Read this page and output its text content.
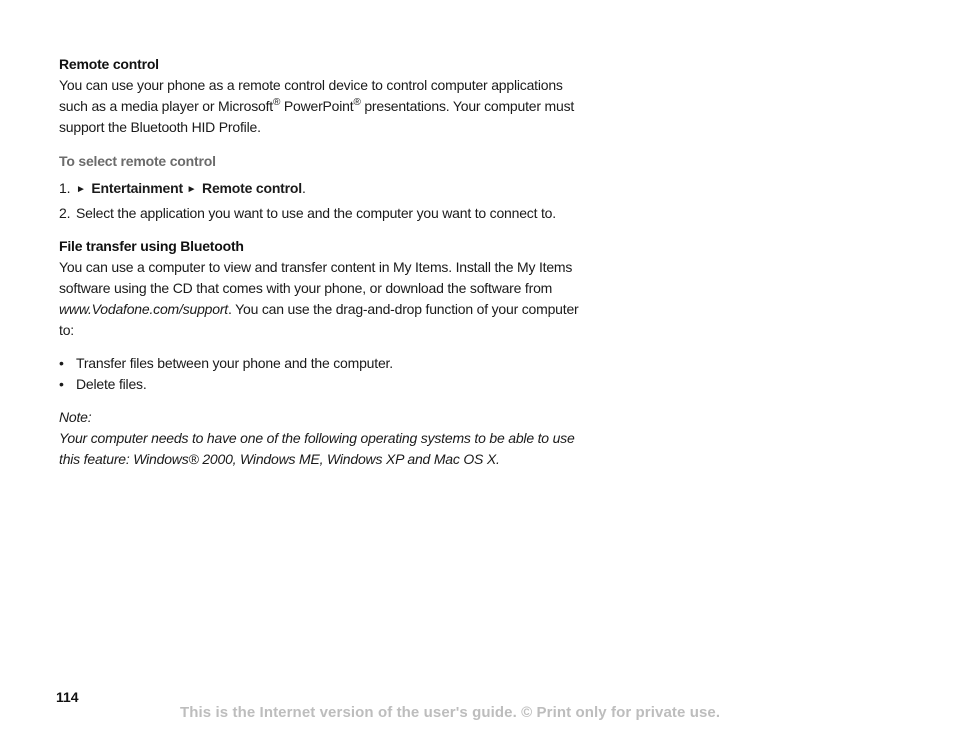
Remote control

You can use your phone as a remote control device to control computer applications such as a media player or Microsoft® PowerPoint® presentations. Your computer must support the Bluetooth HID Profile.

To select remote control
1. ► Entertainment ► Remote control.
2. Select the application you want to use and the computer you want to connect to.
File transfer using Bluetooth

You can use a computer to view and transfer content in My Items. Install the My Items software using the CD that comes with your phone, or download the software from www.Vodafone.com/support. You can use the drag-and-drop function of your computer to:

• Transfer files between your phone and the computer.
• Delete files.

Note:

Your computer needs to have one of the following operating systems to be able to use this feature: Windows® 2000, Windows ME, Windows XP and Mac OS X.

114
This is the Internet version of the user's guide. © Print only for private use.
